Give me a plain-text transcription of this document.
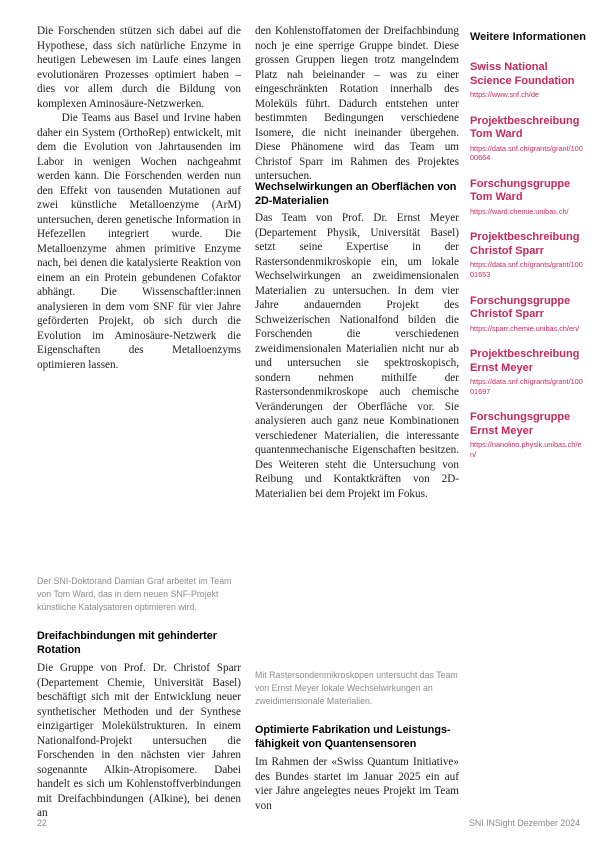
Die Forschenden stützen sich dabei auf die Hypothese, dass sich natürliche Enzyme in heutigen Lebewesen im Laufe eines langen evolutionären Prozesses optimiert haben – dies vor allem durch die Bildung von komplexen Aminosäure-Netzwerken.

Die Teams aus Basel und Irvine haben daher ein System (OrthoRep) entwickelt, mit dem die Evolution von Jahrtausenden im Labor in wenigen Wochen nachgeahmt werden kann. Die Forschenden werden nun den Effekt von tausenden Mutationen auf zwei künstliche Metalloenzyme (ArM) untersuchen, deren genetische Information in Hefezellen integriert wurde. Die Metalloenzyme ahmen primitive Enzyme nach, bei denen die katalysierte Reaktion von einem an ein Protein gebundenen Cofaktor abhängt. Die Wissenschaftler:innen analysieren in dem vom SNF für vier Jahre geförderten Projekt, ob sich durch die Evolution im Aminosäure-Netzwerk die Eigenschaften des Metalloenzyms optimieren lassen.

Der SNI-Doktorand Damian Graf arbeitet im Team von Tom Ward, das in dem neuen SNF-Projekt künstliche Katalysatoren optimieren wird.
Dreifachbindungen mit gehinderter Rotation

Die Gruppe von Prof. Dr. Christof Sparr (Departement Chemie, Universität Basel) beschäftigt sich mit der Entwicklung neuer synthetischer Methoden und der Synthese einzigartiger Molekülstrukturen. In einem Nationalfond-Projekt untersuchen die Forschenden in den nächsten vier Jahren sogenannte Alkin-Atropisomere. Dabei handelt es sich um Kohlenstoffverbindungen mit Dreifachbindungen (Alkine), bei denen an

den Kohlenstoffatomen der Dreifachbindung noch je eine sperrige Gruppe bindet. Diese grossen Gruppen liegen trotz mangelndem Platz nah beieinander – was zu einer eingeschränkten Rotation innerhalb des Moleküls führt. Dadurch entstehen unter bestimmten Bedingungen verschiedene Isomere, die nicht ineinander übergehen. Diese Phänomene wird das Team um Christof Sparr im Rahmen des Projektes untersuchen.

Wechselwirkungen an Oberflächen von 2D-Materialien

Das Team von Prof. Dr. Ernst Meyer (Departement Physik, Universität Basel) setzt seine Expertise in der Rastersondenmikroskopie ein, um lokale Wechselwirkungen an zweidimensionalen Materialien zu untersuchen. In dem vier Jahre andauernden Projekt des Schweizerischen Nationalfond bilden die Forschenden die verschiedenen zweidimensionalen Materialien nicht nur ab und untersuchen sie spektroskopisch, sondern nehmen mithilfe der Rastersondenmikroskope auch chemische Veränderungen der Oberfläche vor. Sie analysieren auch ganz neue Kombinationen verschiedener Materialien, die interessante quantenmechanische Eigenschaften besitzen. Des Weiteren steht die Untersuchung von Reibung und Kontaktkräften von 2D-Materialien bei dem Projekt im Fokus.

Mit Rastersondenmikroskopen untersucht das Team von Ernst Meyer lokale Wechselwirkungen an zweidimensionale Materialien.
Optimierte Fabrikation und Leistungsfähigkeit von Quantensensoren

Im Rahmen der «Swiss Quantum Initiative» des Bundes startet im Januar 2025 ein auf vier Jahre angelegtes neues Projekt im Team von

Weitere Informationen
Swiss National Science Foundation
https://www.snf.ch/de
Projektbeschreibung Tom Ward
https://data.snf.ch/grants/grant/10000664
Forschungsgruppe Tom Ward
https://ward.chemie.unibas.ch/
Projektbeschreibung Christof Sparr
https://data.snf.ch/grants/grant/10001653
Forschungsgruppe Christof Sparr
https://sparr.chemie.unibas.ch/en/
Projektbeschreibung Ernst Meyer
https://data.snf.ch/grants/grant/10001697
Forschungsgruppe Ernst Meyer
https://nanolino.physik.unibas.ch/en/
22	SNI INSight Dezember 2024
